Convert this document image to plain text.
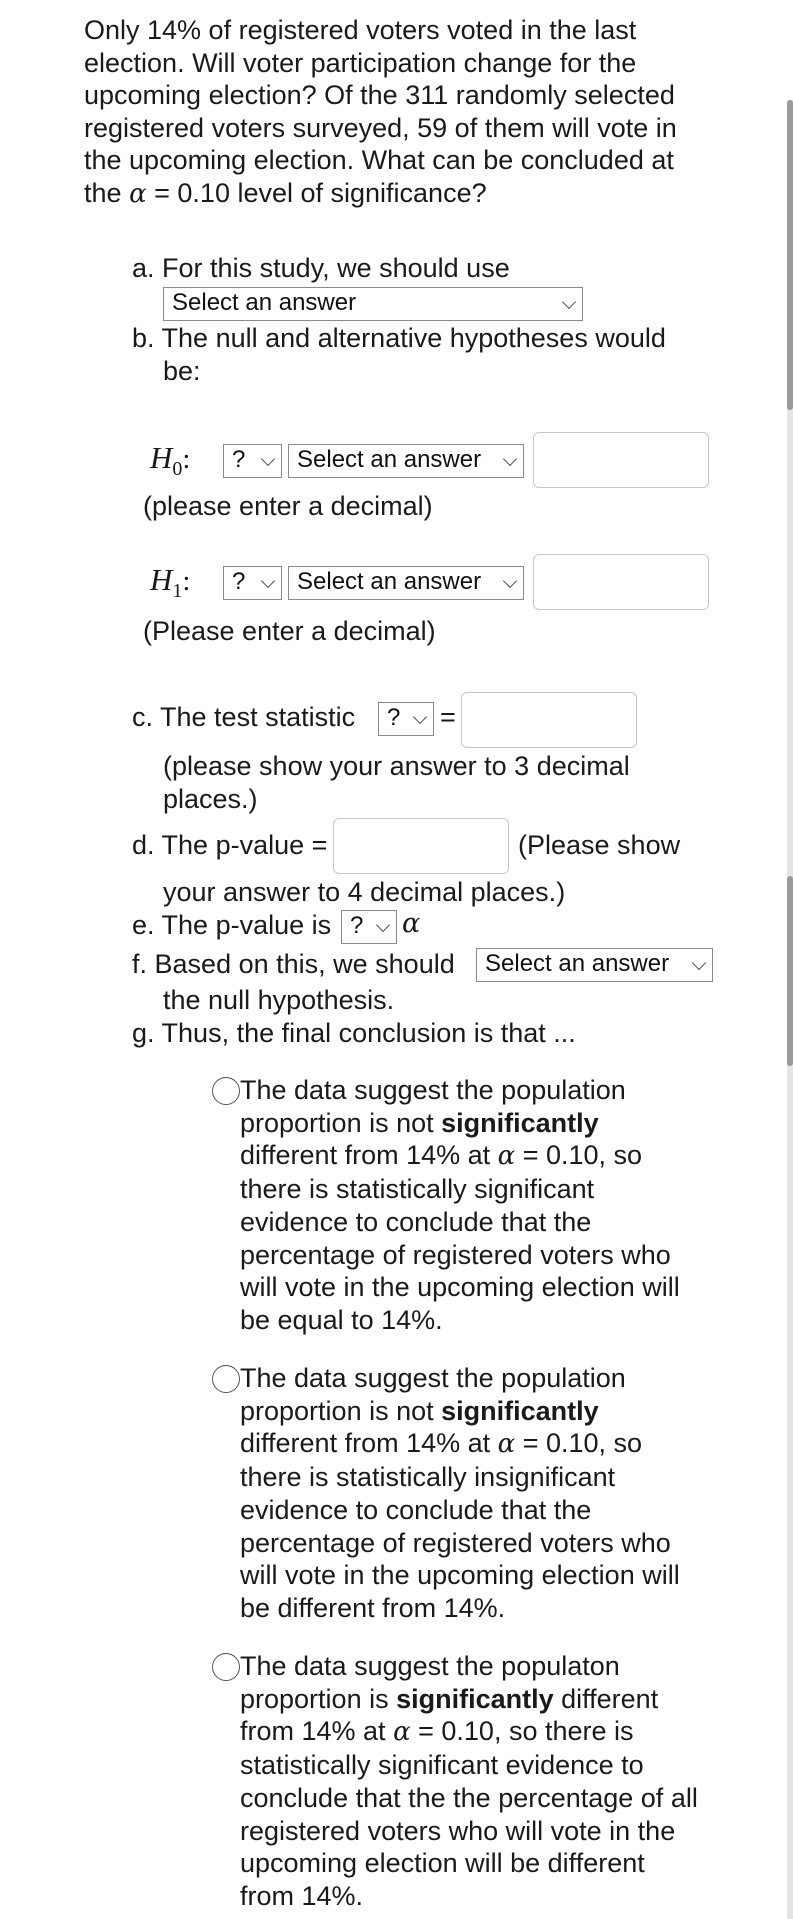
Only 14% of registered voters voted in the last election. Will voter participation change for the upcoming election? Of the 311 randomly selected registered voters surveyed, 59 of them will vote in the upcoming election. What can be concluded at the α = 0.10 level of significance?

a. For this study, we should use
Select an answer
b. The null and alternative hypotheses would
be:
$H_0$:	?	Select an answer
(please enter a decimal)
$H_1$:	?	Select an answer
(Please enter a decimal)
c. The test statistic	?	=
(please show your answer to 3 decimal
places.)
d. The p-value =	(Please show
your answer to 4 decimal places.)
e. The p-value is ?	α
f. Based on this, we should	Select an answer
the null hypothesis.
g. Thus, the final conclusion is that ...
The data suggest the population
proportion is not significantly
different from 14% at α = 0.10, so
there is statistically significant
evidence to conclude that the
percentage of registered voters who
will vote in the upcoming election will
be equal to 14%.
The data suggest the population
proportion is not significantly
different from 14% at α = 0.10, so
there is statistically insignificant
evidence to conclude that the
percentage of registered voters who
will vote in the upcoming election will
be different from 14%.
The data suggest the populaton
proportion is significantly different
from 14% at α = 0.10, so there is
statistically significant evidence to
conclude that the the percentage of all
registered voters who will vote in the
upcoming election will be different
from 14%.
